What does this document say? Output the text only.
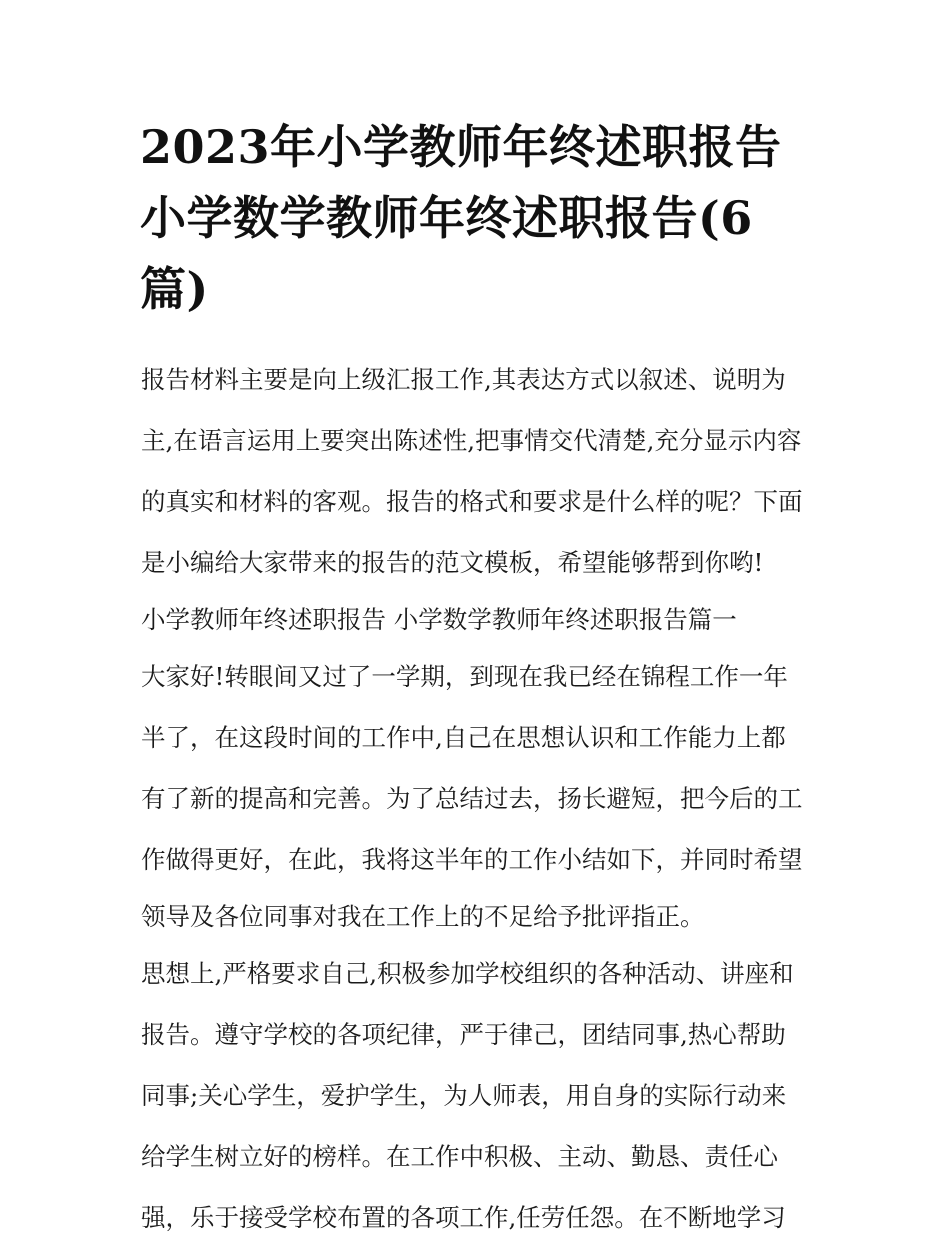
2023年小学教师年终述职报告 小学数学教师年终述职报告(6篇)
报告材料主要是向上级汇报工作,其表达方式以叙述、说明为
主,在语言运用上要突出陈述性,把事情交代清楚,充分显示内容
的真实和材料的客观。报告的格式和要求是什么样的呢？下面
是小编给大家带来的报告的范文模板，希望能够帮到你哟!
小学教师年终述职报告 小学数学教师年终述职报告篇一
大家好!转眼间又过了一学期，到现在我已经在锦程工作一年
半了，在这段时间的工作中,自己在思想认识和工作能力上都
有了新的提高和完善。为了总结过去，扬长避短，把今后的工
作做得更好，在此，我将这半年的工作小结如下，并同时希望
领导及各位同事对我在工作上的不足给予批评指正。
思想上,严格要求自己,积极参加学校组织的各种活动、讲座和
报告。遵守学校的各项纪律，严于律己，团结同事,热心帮助
同事;关心学生，爱护学生，为人师表，用自身的实际行动来
给学生树立好的榜样。在工作中积极、主动、勤恳、责任心
强，乐于接受学校布置的各项工作,任劳任怨。在不断地学习
